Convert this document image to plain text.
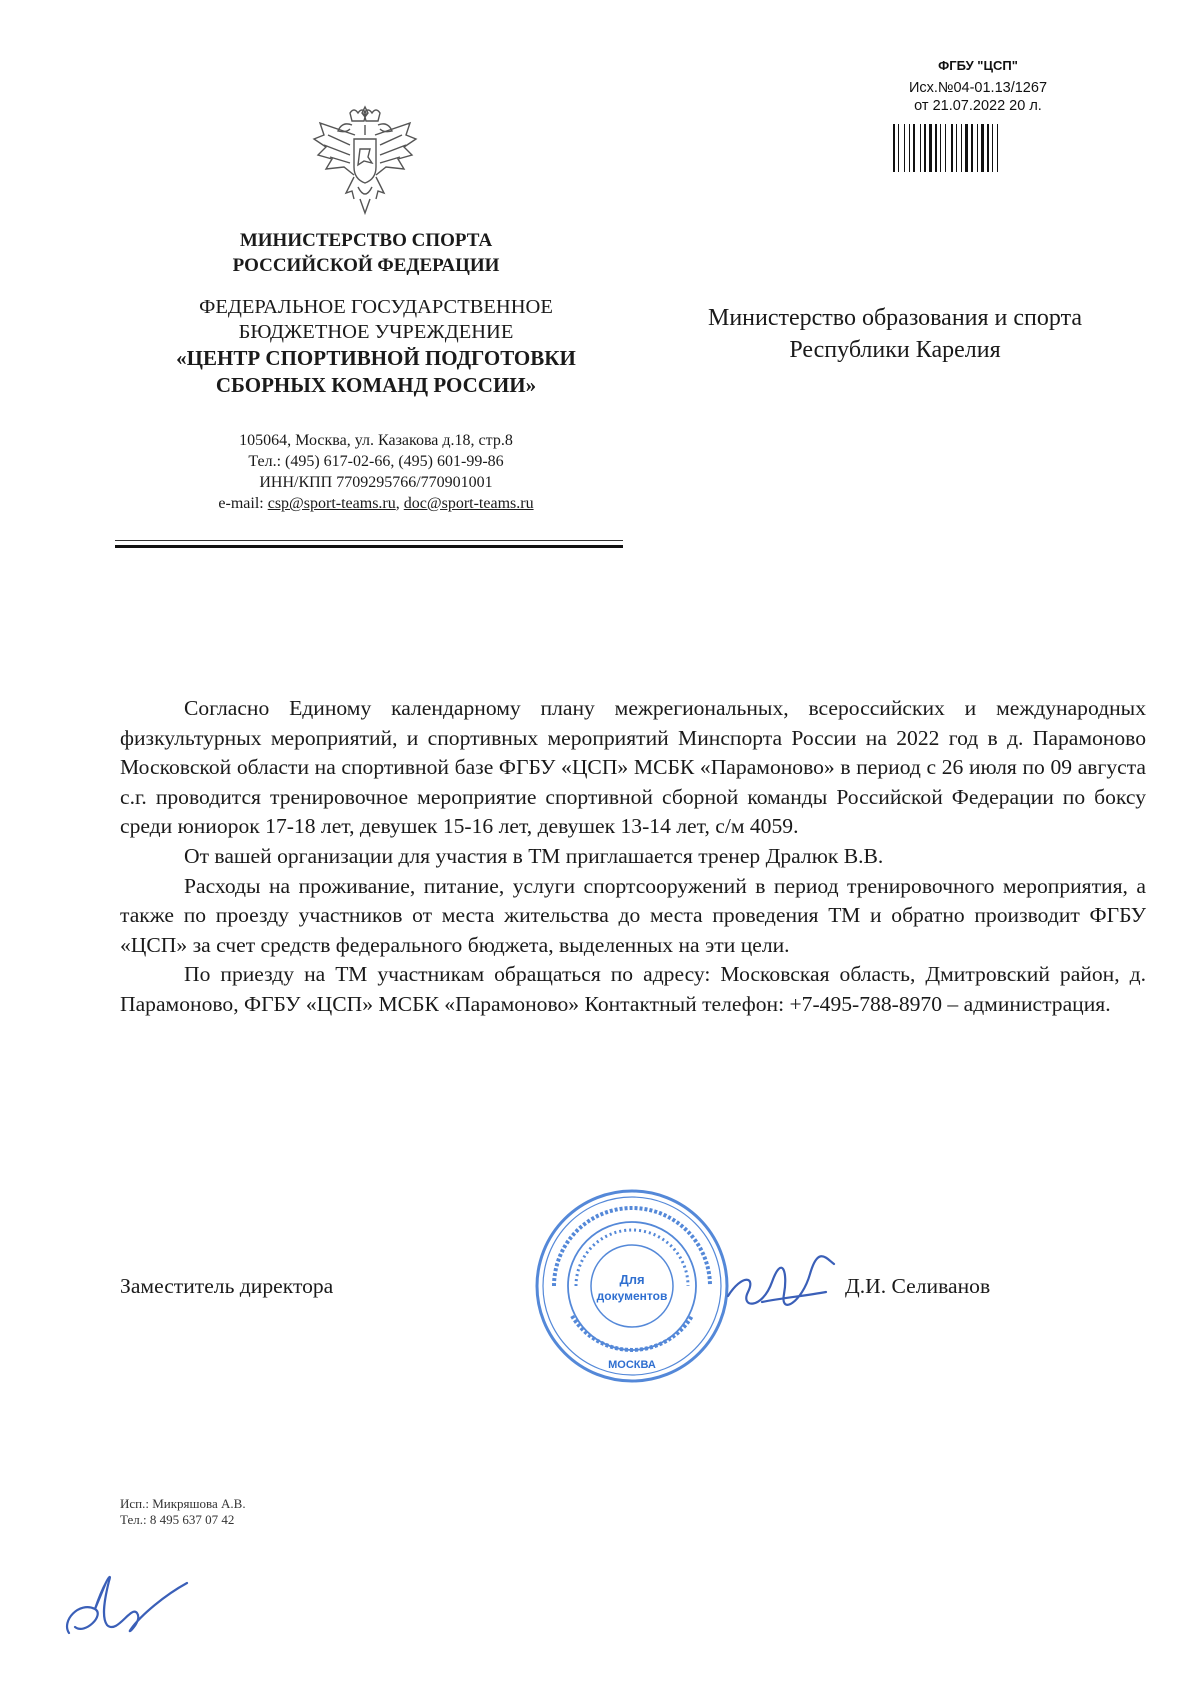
ФГБУ "ЦСП"
Исх.№04-01.13/1267
от 21.07.2022 20 л.
МИНИСТЕРСТВО СПОРТА
РОССИЙСКОЙ ФЕДЕРАЦИИ
ФЕДЕРАЛЬНОЕ ГОСУДАРСТВЕННОЕ
БЮДЖЕТНОЕ УЧРЕЖДЕНИЕ
«ЦЕНТР СПОРТИВНОЙ ПОДГОТОВКИ
СБОРНЫХ КОМАНД РОССИИ»
105064, Москва, ул. Казакова д.18, стр.8
Тел.: (495) 617-02-66, (495) 601-99-86
ИНН/КПП 7709295766/770901001
e-mail: csp@sport-teams.ru, doc@sport-teams.ru
Министерство образования и спорта
Республики Карелия

Согласно Единому календарному плану межрегиональных, всероссийских и международных физкультурных мероприятий, и спортивных мероприятий Минспорта России на 2022 год в д. Парамоново Московской области на спортивной базе ФГБУ «ЦСП» МСБК «Парамоново» в период с 26 июля по 09 августа с.г. проводится тренировочное мероприятие спортивной сборной команды Российской Федерации по боксу среди юниорок 17-18 лет, девушек 15-16 лет, девушек 13-14 лет, с/м 4059.

От вашей организации для участия в ТМ приглашается тренер Дралюк В.В.

Расходы на проживание, питание, услуги спортсооружений в период тренировочного мероприятия, а также по проезду участников от места жительства до места проведения ТМ и обратно производит ФГБУ «ЦСП» за счет средств федерального бюджета, выделенных на эти цели.

По приезду на ТМ участникам обращаться по адресу: Московская область, Дмитровский район, д. Парамоново, ФГБУ «ЦСП» МСБК «Парамоново» Контактный телефон: +7-495-788-8970 – администрация.

Для
документов
МОСКВА
Заместитель директора	Д.И. Селиванов
Исп.: Микряшова А.В.
Тел.: 8 495 637 07 42
